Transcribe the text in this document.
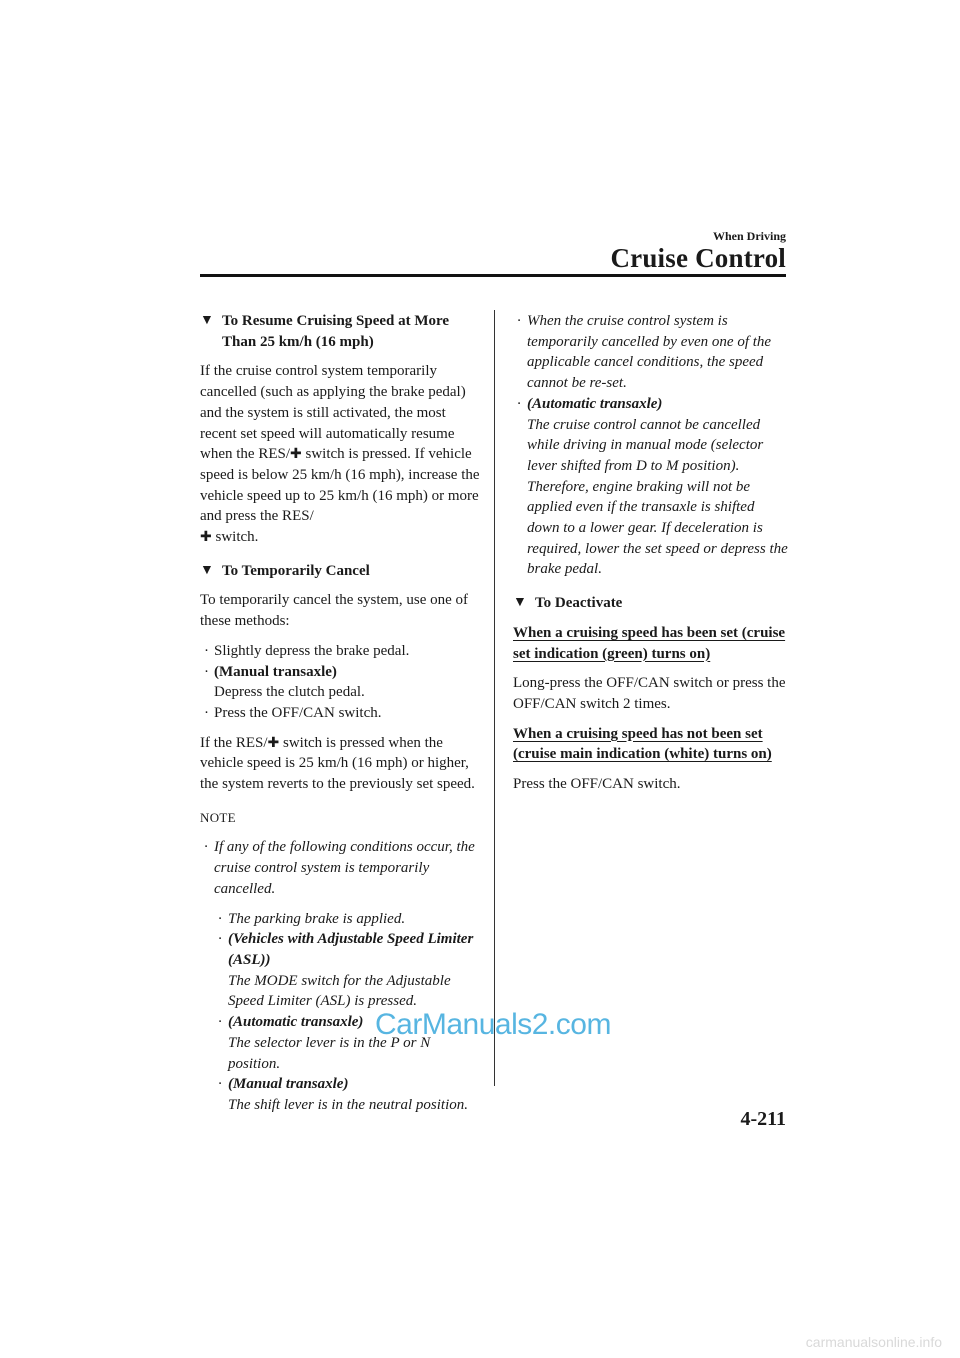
When Driving
Cruise Control

▼ To Resume Cruising Speed at More Than 25 km/h (16 mph)

If the cruise control system temporarily cancelled (such as applying the brake pedal) and the system is still activated, the most recent set speed will automatically resume when the RES/✚ switch is pressed. If vehicle speed is below 25 km/h (16 mph), increase the vehicle speed up to 25 km/h (16 mph) or more and press the RES/
✚ switch.

▼ To Temporarily Cancel

To temporarily cancel the system, use one of these methods:

· Slightly depress the brake pedal.

· (Manual transaxle)
Depress the clutch pedal.

· Press the OFF/CAN switch.

If the RES/✚ switch is pressed when the vehicle speed is 25 km/h (16 mph) or higher, the system reverts to the previously set speed.

NOTE

· If any of the following conditions occur, the cruise control system is temporarily cancelled.

· The parking brake is applied.

· (Vehicles with Adjustable Speed Limiter (ASL))
The MODE switch for the Adjustable Speed Limiter (ASL) is pressed.

· (Automatic transaxle)
The selector lever is in the P or N position.

· (Manual transaxle)
The shift lever is in the neutral position.

· When the cruise control system is temporarily cancelled by even one of the applicable cancel conditions, the speed cannot be re-set.

· (Automatic transaxle)
The cruise control cannot be cancelled while driving in manual mode (selector lever shifted from D to M position). Therefore, engine braking will not be applied even if the transaxle is shifted down to a lower gear. If deceleration is required, lower the set speed or depress the brake pedal.

▼ To Deactivate

When a cruising speed has been set (cruise set indication (green) turns on)

Long-press the OFF/CAN switch or press the OFF/CAN switch 2 times.

When a cruising speed has not been set (cruise main indication (white) turns on)

Press the OFF/CAN switch.

CarManuals2.com
4-211
carmanualsonline.info
